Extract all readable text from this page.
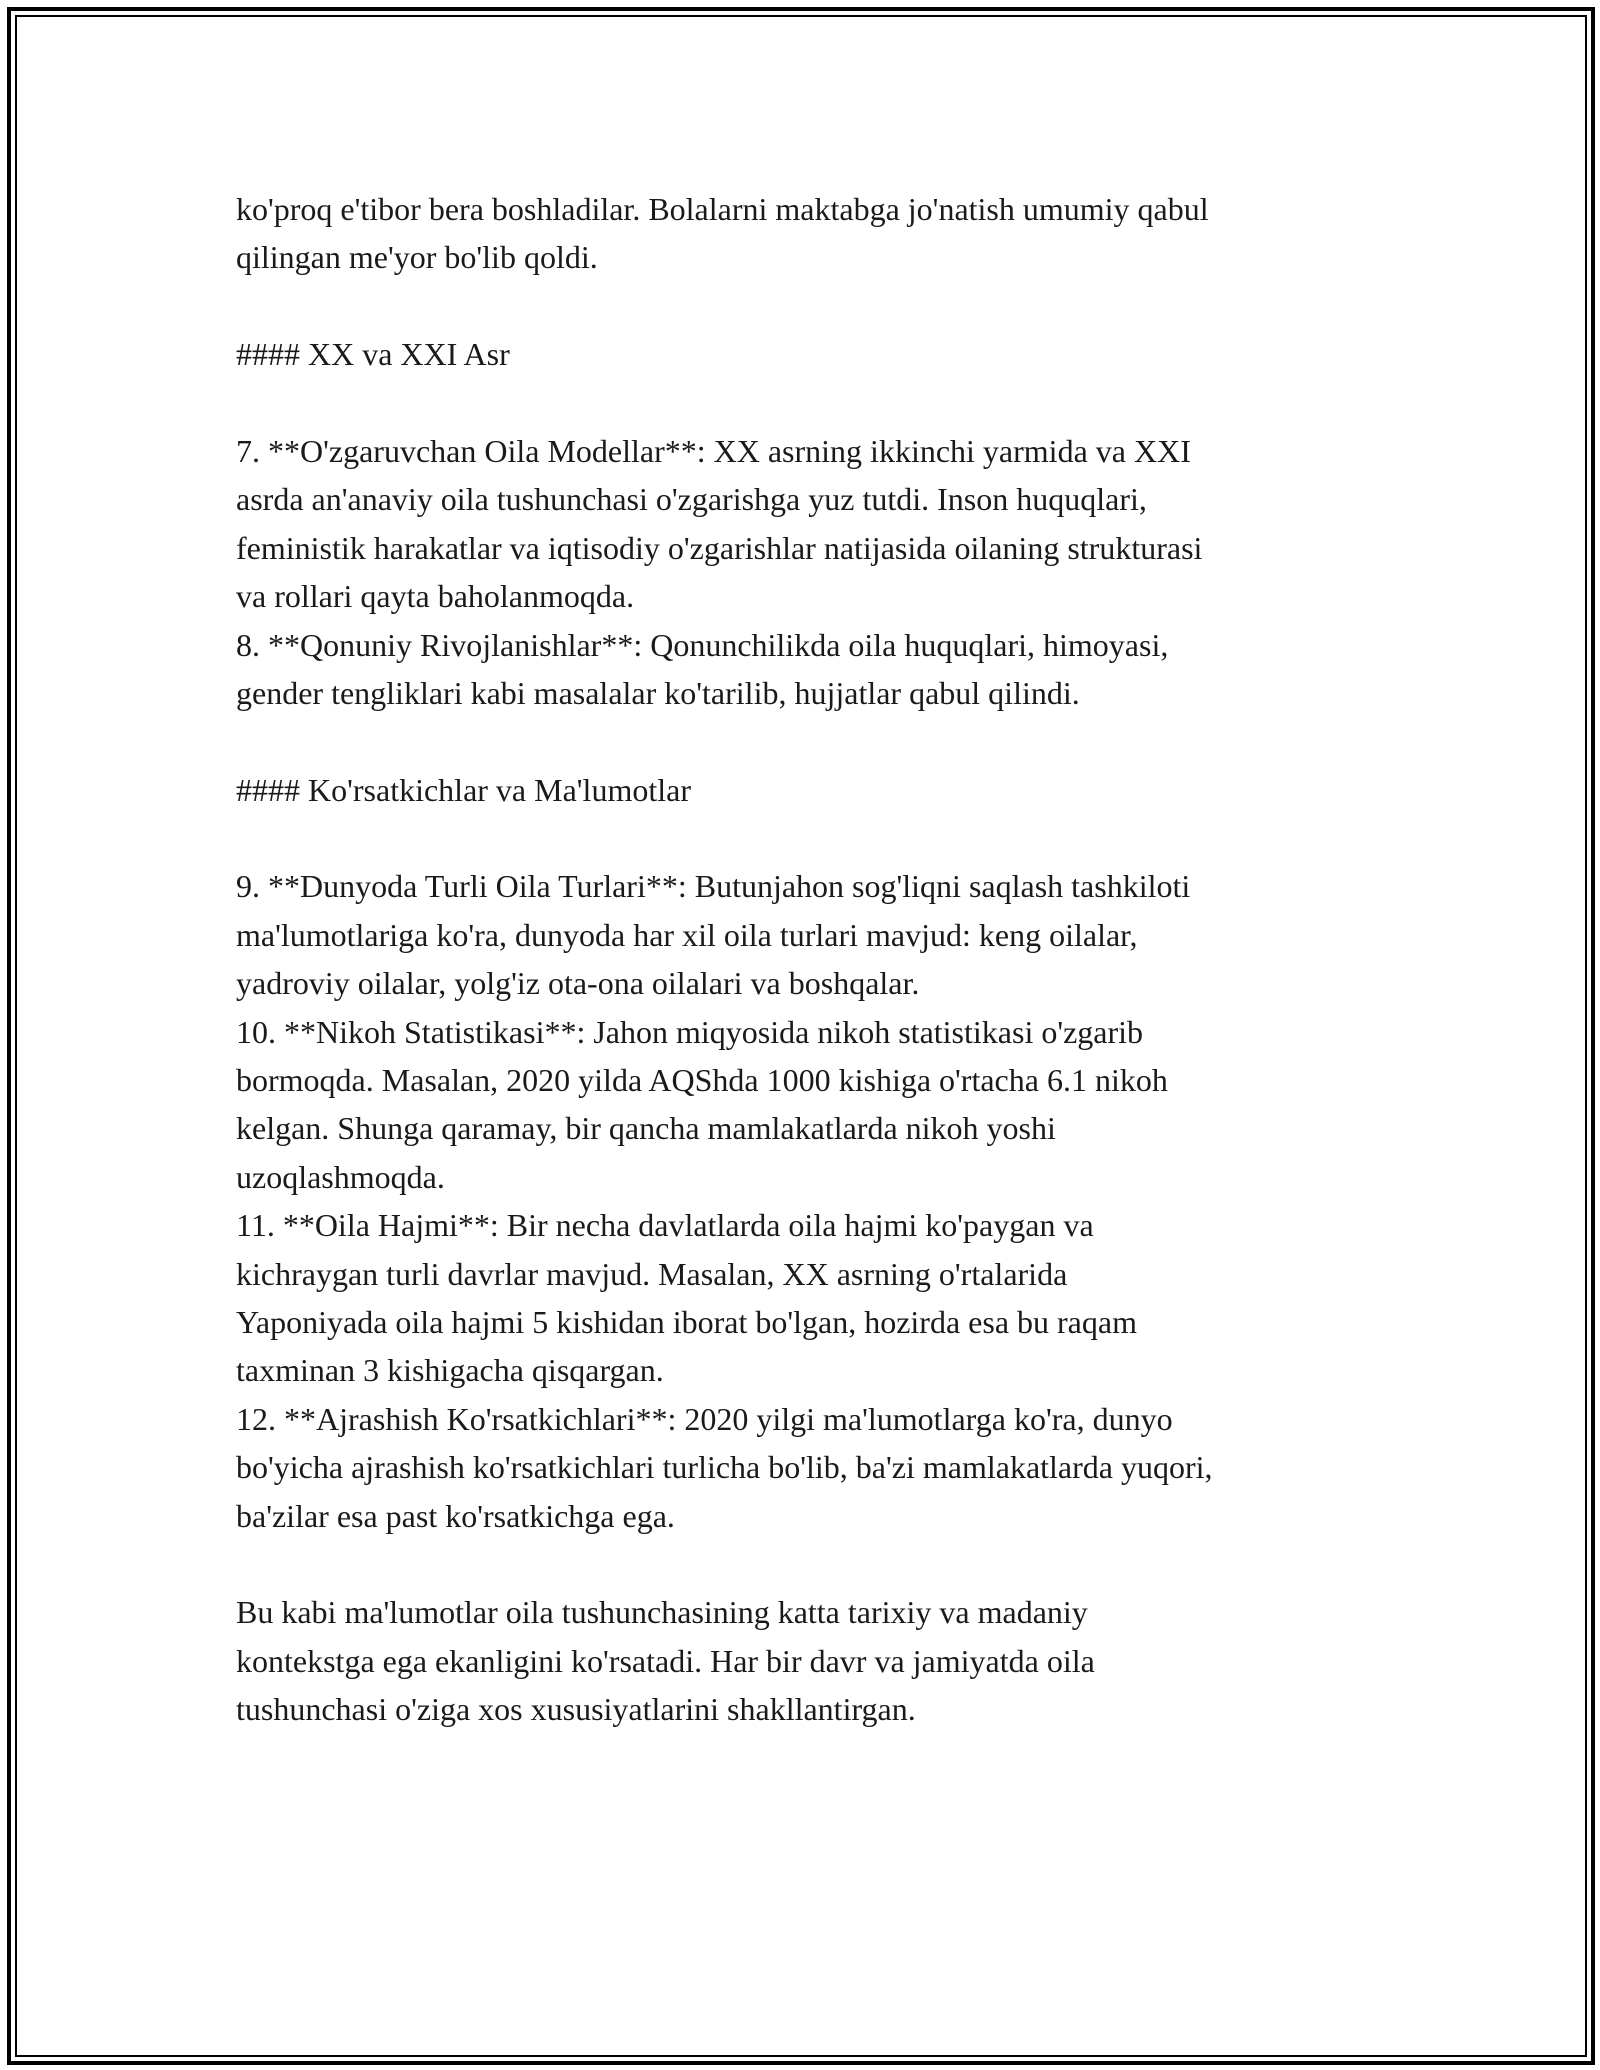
ko'proq e'tibor bera boshladilar. Bolalarni maktabga jo'natish umumiy qabul
qilingan me'yor bo'lib qoldi.
#### XX va XXI Asr
7. **O'zgaruvchan Oila Modellar**: XX asrning ikkinchi yarmida va XXI
asrda an'anaviy oila tushunchasi o'zgarishga yuz tutdi. Inson huquqlari,
feministik harakatlar va iqtisodiy o'zgarishlar natijasida oilaning strukturasi
va rollari qayta baholanmoqda.
8. **Qonuniy Rivojlanishlar**: Qonunchilikda oila huquqlari, himoyasi,
gender tengliklari kabi masalalar ko'tarilib, hujjatlar qabul qilindi.
#### Ko'rsatkichlar va Ma'lumotlar
9. **Dunyoda Turli Oila Turlari**: Butunjahon sog'liqni saqlash tashkiloti
ma'lumotlariga ko'ra, dunyoda har xil oila turlari mavjud: keng oilalar,
yadroviy oilalar, yolg'iz ota-ona oilalari va boshqalar.
10. **Nikoh Statistikasi**: Jahon miqyosida nikoh statistikasi o'zgarib
bormoqda. Masalan, 2020 yilda AQShda 1000 kishiga o'rtacha 6.1 nikoh
kelgan. Shunga qaramay, bir qancha mamlakatlarda nikoh yoshi
uzoqlashmoqda.
11. **Oila Hajmi**: Bir necha davlatlarda oila hajmi ko'paygan va
kichraygan turli davrlar mavjud. Masalan, XX asrning o'rtalarida
Yaponiyada oila hajmi 5 kishidan iborat bo'lgan, hozirda esa bu raqam
taxminan 3 kishigacha qisqargan.
12. **Ajrashish Ko'rsatkichlari**: 2020 yilgi ma'lumotlarga ko'ra, dunyo
bo'yicha ajrashish ko'rsatkichlari turlicha bo'lib, ba'zi mamlakatlarda yuqori,
ba'zilar esa past ko'rsatkichga ega.
Bu kabi ma'lumotlar oila tushunchasining katta tarixiy va madaniy
kontekstga ega ekanligini ko'rsatadi. Har bir davr va jamiyatda oila
tushunchasi o'ziga xos xususiyatlarini shakllantirgan.
